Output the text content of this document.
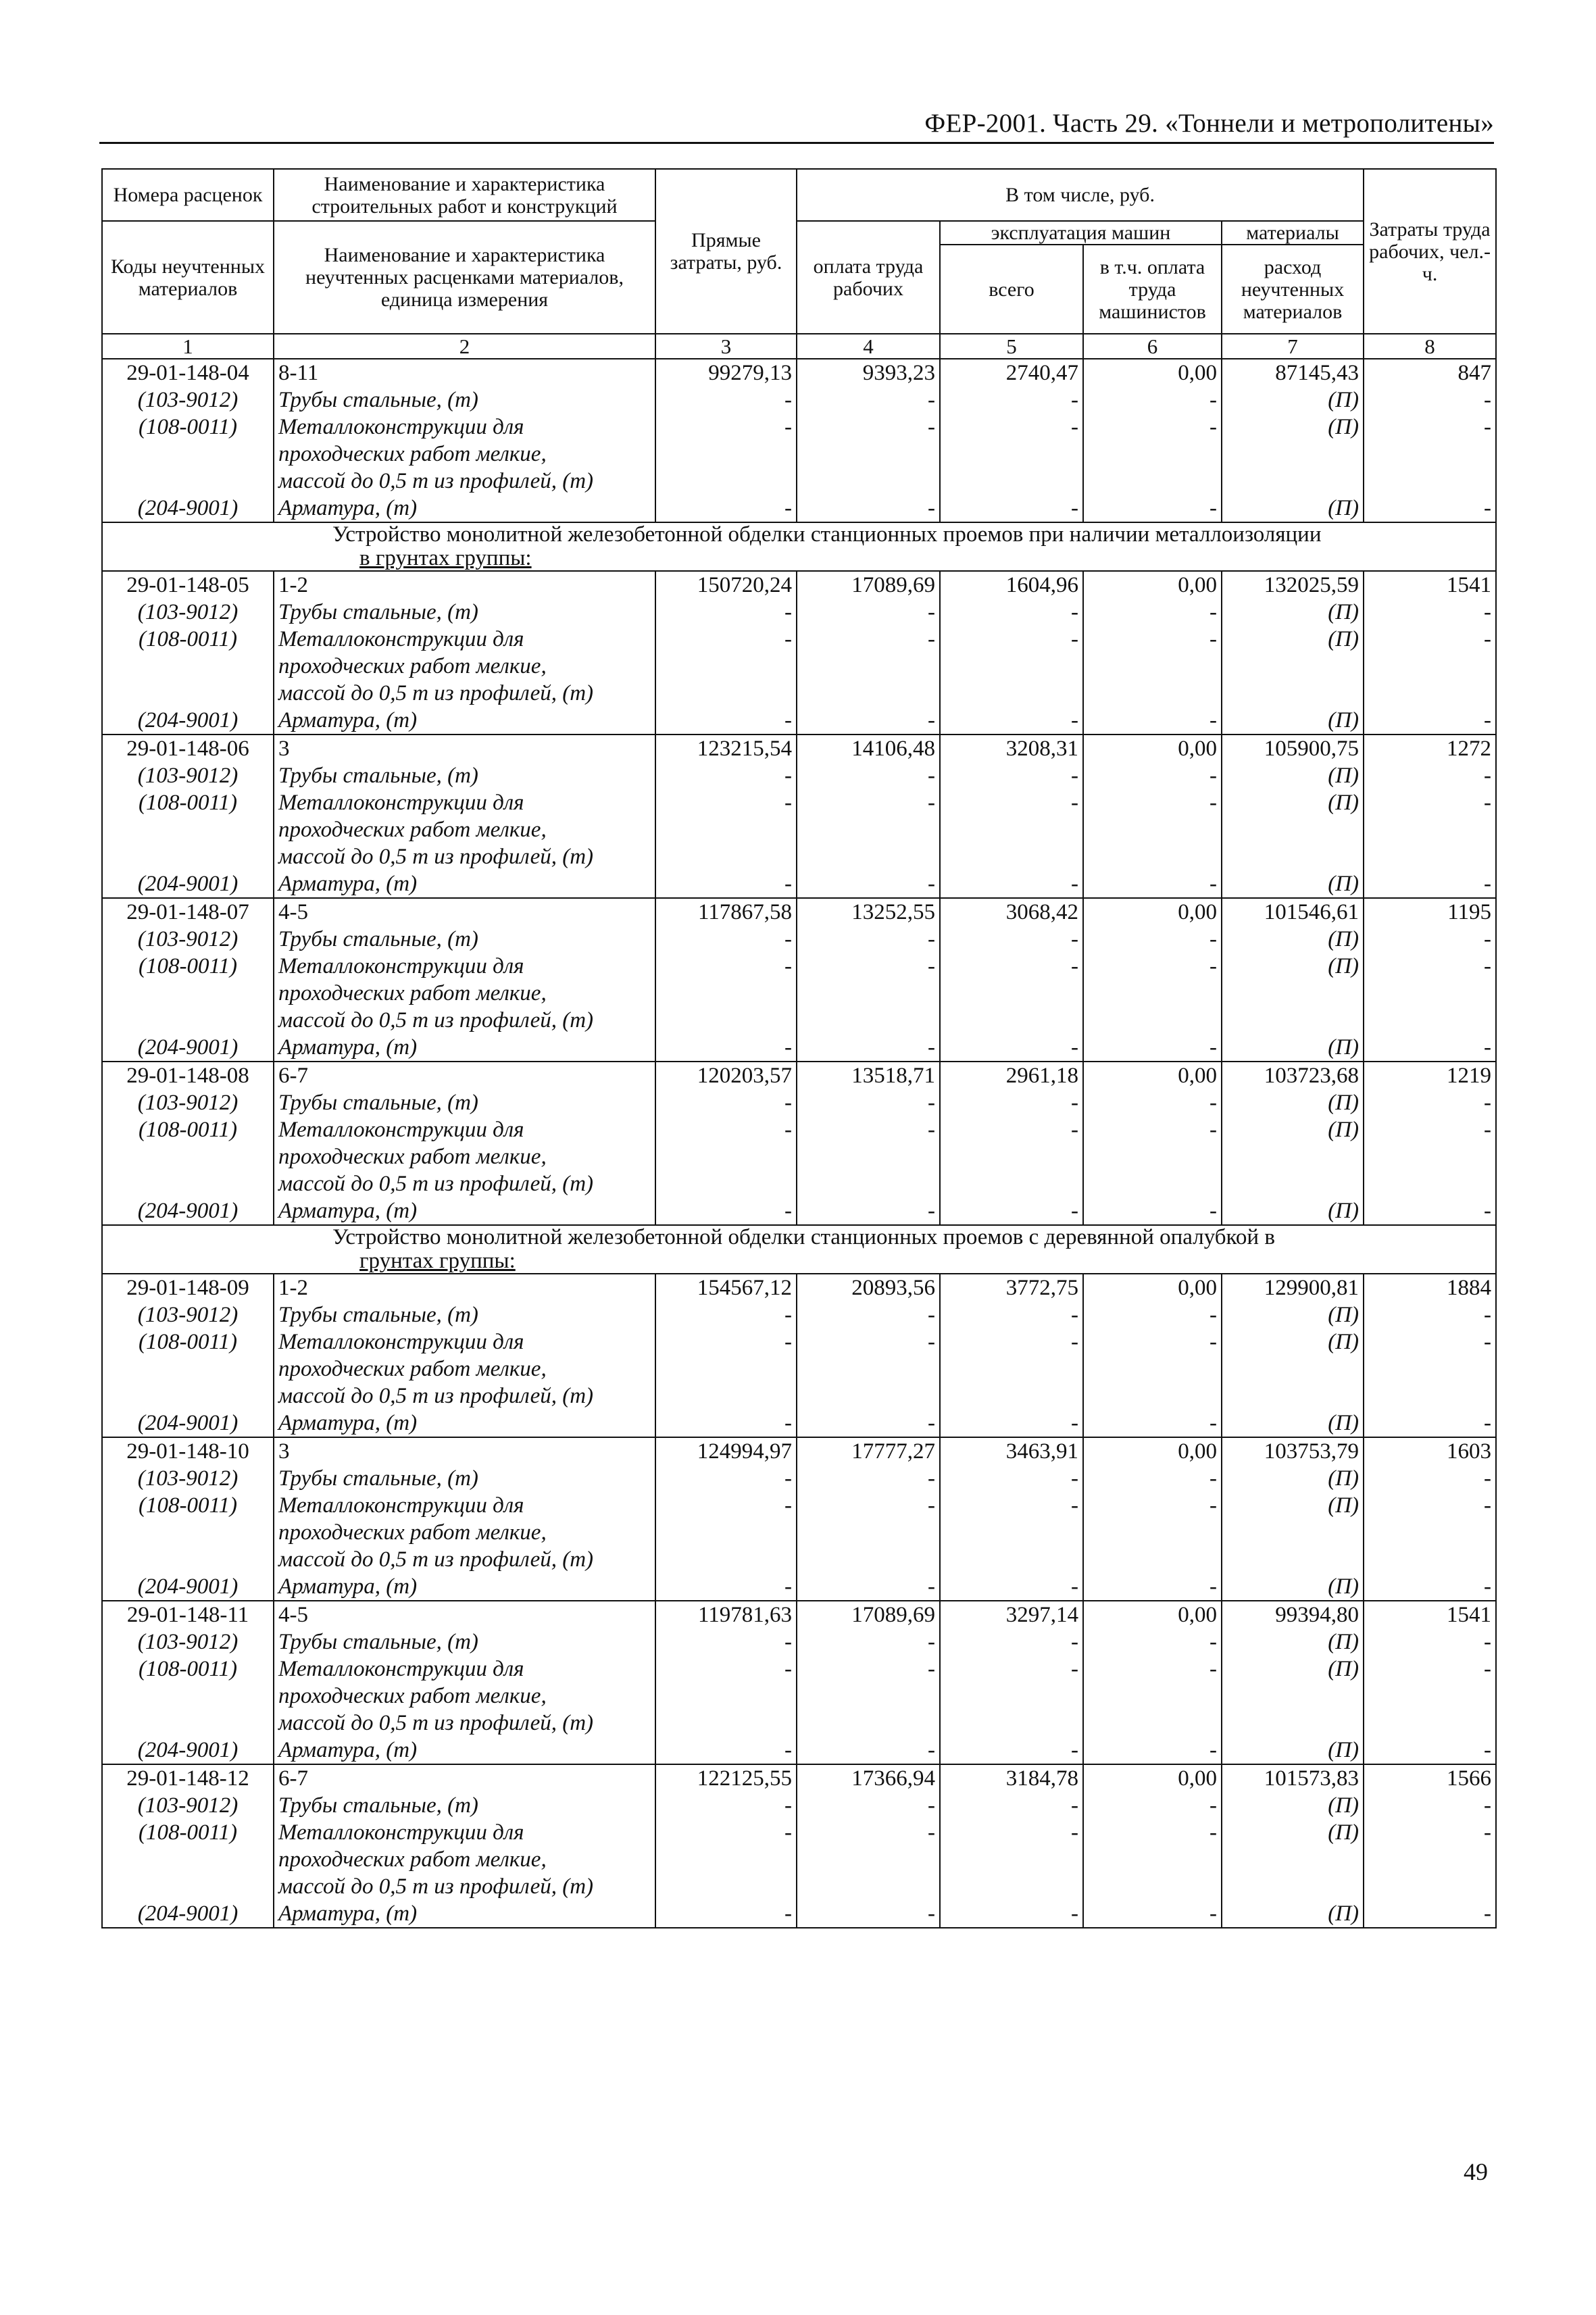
ФЕР-2001. Часть 29. «Тоннели и метрополитены»
Номера расценок	Наименование и характеристика строительных работ и конструкций	Прямые затраты, руб.	В том числе, руб.				Затраты труда рабочих, чел.-ч.
Коды неучтенных материалов	Наименование и характеристика неучтенных расценками материалов, единица измерения		оплата труда рабочих	эксплуатация машин		материалы	
				всего	в т.ч. оплата труда машинистов	расход неучтенных материалов	
1	2	3	4	5	6	7	8
29-01-148-04	8-11	99279,13	9393,23	2740,47	0,00	87145,43	847
(103-9012)	Трубы стальные, (т)	-	-	-	-	(П)	-
(108-0011)	Металлоконструкции для	-	-	-	-	(П)	-
	проходческих работ мелкие,						
	массой до 0,5 т из профилей, (т)						
(204-9001)	Арматура, (т)	-	-	-	-	(П)	-

Устройство монолитной железобетонной обделки станционных проемов при наличии металлоизоляции
в грунтах группы:							

29-01-148-05	1-2	150720,24	17089,69	1604,96	0,00	132025,59	1541
(103-9012)	Трубы стальные, (т)	-	-	-	-	(П)	-
(108-0011)	Металлоконструкции для	-	-	-	-	(П)	-
	проходческих работ мелкие,						
	массой до 0,5 т из профилей, (т)						
(204-9001)	Арматура, (т)	-	-	-	-	(П)	-
29-01-148-06	3	123215,54	14106,48	3208,31	0,00	105900,75	1272
(103-9012)	Трубы стальные, (т)	-	-	-	-	(П)	-
(108-0011)	Металлоконструкции для	-	-	-	-	(П)	-
	проходческих работ мелкие,						
	массой до 0,5 т из профилей, (т)						
(204-9001)	Арматура, (т)	-	-	-	-	(П)	-
29-01-148-07	4-5	117867,58	13252,55	3068,42	0,00	101546,61	1195
(103-9012)	Трубы стальные, (т)	-	-	-	-	(П)	-
(108-0011)	Металлоконструкции для	-	-	-	-	(П)	-
	проходческих работ мелкие,						
	массой до 0,5 т из профилей, (т)						
(204-9001)	Арматура, (т)	-	-	-	-	(П)	-
29-01-148-08	6-7	120203,57	13518,71	2961,18	0,00	103723,68	1219
(103-9012)	Трубы стальные, (т)	-	-	-	-	(П)	-
(108-0011)	Металлоконструкции для	-	-	-	-	(П)	-
	проходческих работ мелкие,						
	массой до 0,5 т из профилей, (т)						
(204-9001)	Арматура, (т)	-	-	-	-	(П)	-

Устройство монолитной железобетонной обделки станционных проемов с деревянной опалубкой в
грунтах группы:							

29-01-148-09	1-2	154567,12	20893,56	3772,75	0,00	129900,81	1884
(103-9012)	Трубы стальные, (т)	-	-	-	-	(П)	-
(108-0011)	Металлоконструкции для	-	-	-	-	(П)	-
	проходческих работ мелкие,						
	массой до 0,5 т из профилей, (т)						
(204-9001)	Арматура, (т)	-	-	-	-	(П)	-
29-01-148-10	3	124994,97	17777,27	3463,91	0,00	103753,79	1603
(103-9012)	Трубы стальные, (т)	-	-	-	-	(П)	-
(108-0011)	Металлоконструкции для	-	-	-	-	(П)	-
	проходческих работ мелкие,						
	массой до 0,5 т из профилей, (т)						
(204-9001)	Арматура, (т)	-	-	-	-	(П)	-
29-01-148-11	4-5	119781,63	17089,69	3297,14	0,00	99394,80	1541
(103-9012)	Трубы стальные, (т)	-	-	-	-	(П)	-
(108-0011)	Металлоконструкции для	-	-	-	-	(П)	-
	проходческих работ мелкие,						
	массой до 0,5 т из профилей, (т)						
(204-9001)	Арматура, (т)	-	-	-	-	(П)	-
29-01-148-12	6-7	122125,55	17366,94	3184,78	0,00	101573,83	1566
(103-9012)	Трубы стальные, (т)	-	-	-	-	(П)	-
(108-0011)	Металлоконструкции для	-	-	-	-	(П)	-
	проходческих работ мелкие,						
	массой до 0,5 т из профилей, (т)						
(204-9001)	Арматура, (т)	-	-	-	-	(П)	-
49
